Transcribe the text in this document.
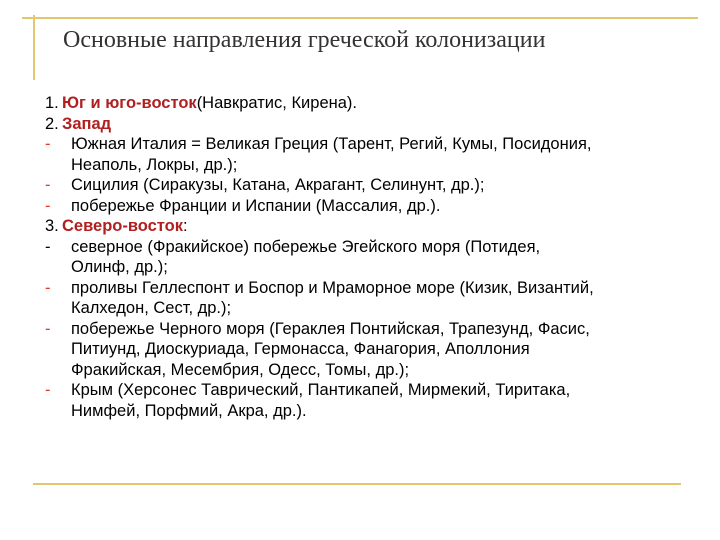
Основные направления греческой колонизации
1. Юг и юго-восток (Навкратис, Кирена).
2. Запад
-	Южная Италия = Великая Греция (Тарент, Регий, Кумы, Посидония,
Неаполь, Локры, др.);
-	Сицилия (Сиракузы, Катана, Акрагант, Селинунт, др.);
-	побережье Франции и Испании (Массалия, др.).
3. Северо-восток :
-	северное (Фракийское) побережье Эгейского моря (Потидея,
Олинф, др.);
-	проливы Геллеспонт и Боспор и Мраморное море (Кизик, Византий,
Калхедон, Сест, др.);
-	побережье Черного моря (Гераклея Понтийская, Трапезунд, Фасис,
Питиунд, Диоскуриада, Гермонасса, Фанагория, Аполлония
Фракийская, Месембрия, Одесс, Томы, др.);
-	Крым (Херсонес Таврический, Пантикапей, Мирмекий, Тиритака,
Нимфей, Порфмий, Акра, др.).
